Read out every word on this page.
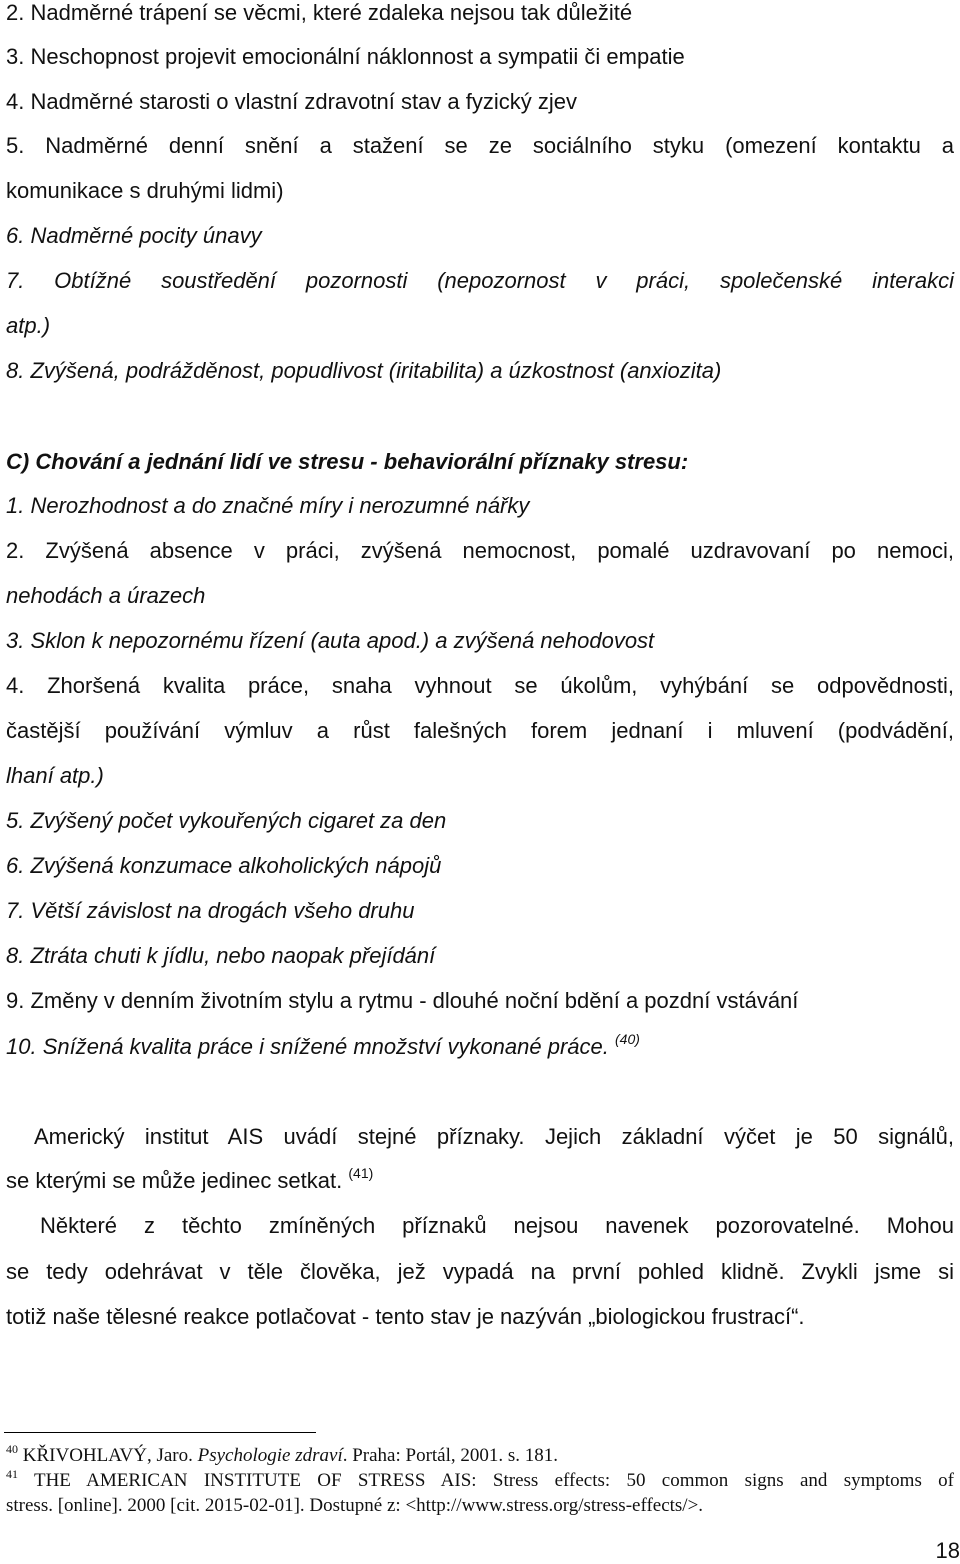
2. Nadměrné trápení se věcmi, které zdaleka nejsou tak důležité
3. Neschopnost projevit emocionální náklonnost a sympatii či empatie
4. Nadměrné starosti o vlastní zdravotní stav a fyzický zjev
5. Nadměrné denní snění a stažení se ze sociálního styku (omezení kontaktu a
komunikace s druhými lidmi)
6. Nadměrné pocity únavy
7. Obtížné soustředění pozornosti (nepozornost v práci, společenské interakci
atp.)
8. Zvýšená, podrážděnost, popudlivost (iritabilita) a úzkostnost (anxiozita)
C) Chování a jednání lidí ve stresu - behaviorální příznaky stresu:
1. Nerozhodnost a do značné míry i nerozumné nářky
2. Zvýšená absence v práci, zvýšená nemocnost, pomalé uzdravovaní po nemoci,
nehodách a úrazech
3. Sklon k nepozornému řízení (auta apod.) a zvýšená nehodovost
4. Zhoršená kvalita práce, snaha vyhnout se úkolům, vyhýbání se odpovědnosti,
častější používání výmluv a růst falešných forem jednaní i mluvení (podvádění,
lhaní atp.)
5. Zvýšený počet vykouřených cigaret za den
6. Zvýšená konzumace alkoholických nápojů
7. Větší závislost na drogách všeho druhu
8. Ztráta chuti k jídlu, nebo naopak přejídání
9. Změny v denním životním stylu a rytmu - dlouhé noční bdění a pozdní vstávání
10. Snížená kvalita práce i snížené množství vykonané práce. $^{(40)}$
Americký institut AIS uvádí stejné příznaky. Jejich základní výčet je 50 signálů,
se kterými se může jedinec setkat. $^{(41)}$
Některé z těchto zmíněných příznaků nejsou navenek pozorovatelné. Mohou
se tedy odehrávat v těle člověka, jež vypadá na první pohled klidně. Zvykli jsme si
totiž naše tělesné reakce potlačovat - tento stav je nazýván „biologickou frustrací“.
$^{40}$ KŘIVOHLAVÝ, Jaro. Psychologie zdraví. Praha: Portál, 2001. s. 181.
$^{41}$ THE AMERICAN INSTITUTE OF STRESS AIS: Stress effects: 50 common signs and symptoms of
stress. [online]. 2000 [cit. 2015-02-01]. Dostupné z: <http://www.stress.org/stress-effects/>.
18
